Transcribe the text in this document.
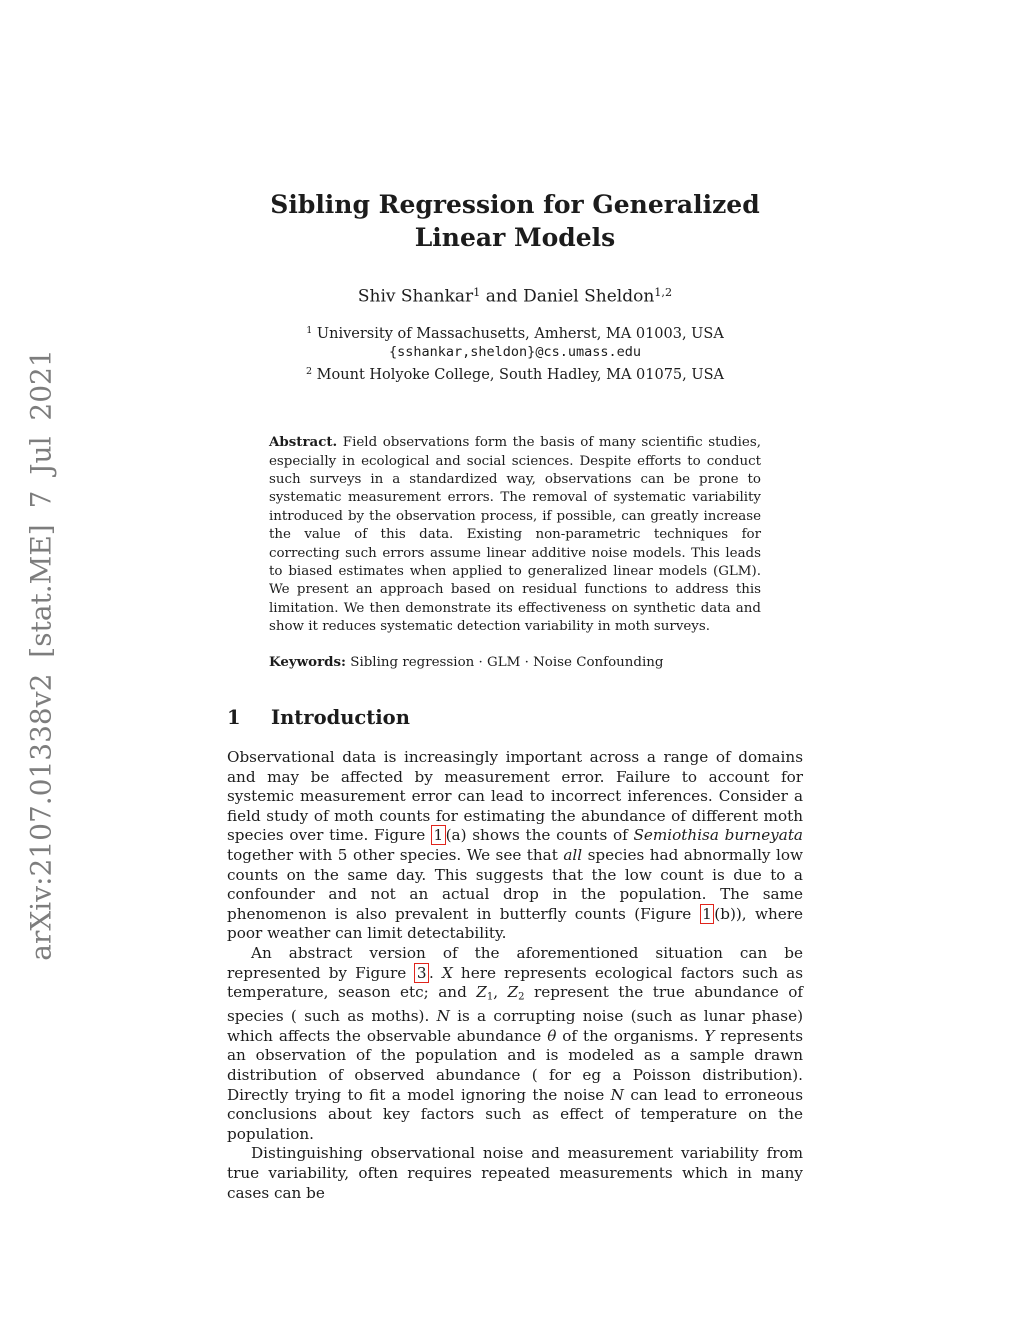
arXiv:2107.01338v2 [stat.ME] 7 Jul 2021
Sibling Regression for Generalized Linear Models
Shiv Shankar$^1$ and Daniel Sheldon$^{1,2}$
$^1$ University of Massachusetts, Amherst, MA 01003, USA
{sshankar,sheldon}@cs.umass.edu
$^2$ Mount Holyoke College, South Hadley, MA 01075, USA
Abstract. Field observations form the basis of many scientific studies, especially in ecological and social sciences. Despite efforts to conduct such surveys in a standardized way, observations can be prone to systematic measurement errors. The removal of systematic variability introduced by the observation process, if possible, can greatly increase the value of this data. Existing non-parametric techniques for correcting such errors assume linear additive noise models. This leads to biased estimates when applied to generalized linear models (GLM). We present an approach based on residual functions to address this limitation. We then demonstrate its effectiveness on synthetic data and show it reduces systematic detection variability in moth surveys.
Keywords: Sibling regression · GLM · Noise Confounding
1	Introduction

Observational data is increasingly important across a range of domains and may be affected by measurement error. Failure to account for systemic measurement error can lead to incorrect inferences. Consider a field study of moth counts for estimating the abundance of different moth species over time. Figure 1 (a) shows the counts of Semiothisa burneyata together with 5 other species. We see that all species had abnormally low counts on the same day. This suggests that the low count is due to a confounder and not an actual drop in the population. The same phenomenon is also prevalent in butterfly counts (Figure 1 (b)), where poor weather can limit detectability.

An abstract version of the aforementioned situation can be represented by Figure 3 . X here represents ecological factors such as temperature, season etc; and Z1, Z2 represent the true abundance of species ( such as moths). N is a corrupting noise (such as lunar phase) which affects the observable abundance θ of the organisms. Y represents an observation of the population and is modeled as a sample drawn distribution of observed abundance ( for eg a Poisson distribution). Directly trying to fit a model ignoring the noise N can lead to erroneous conclusions about key factors such as effect of temperature on the population.

Distinguishing observational noise and measurement variability from true variability, often requires repeated measurements which in many cases can be
